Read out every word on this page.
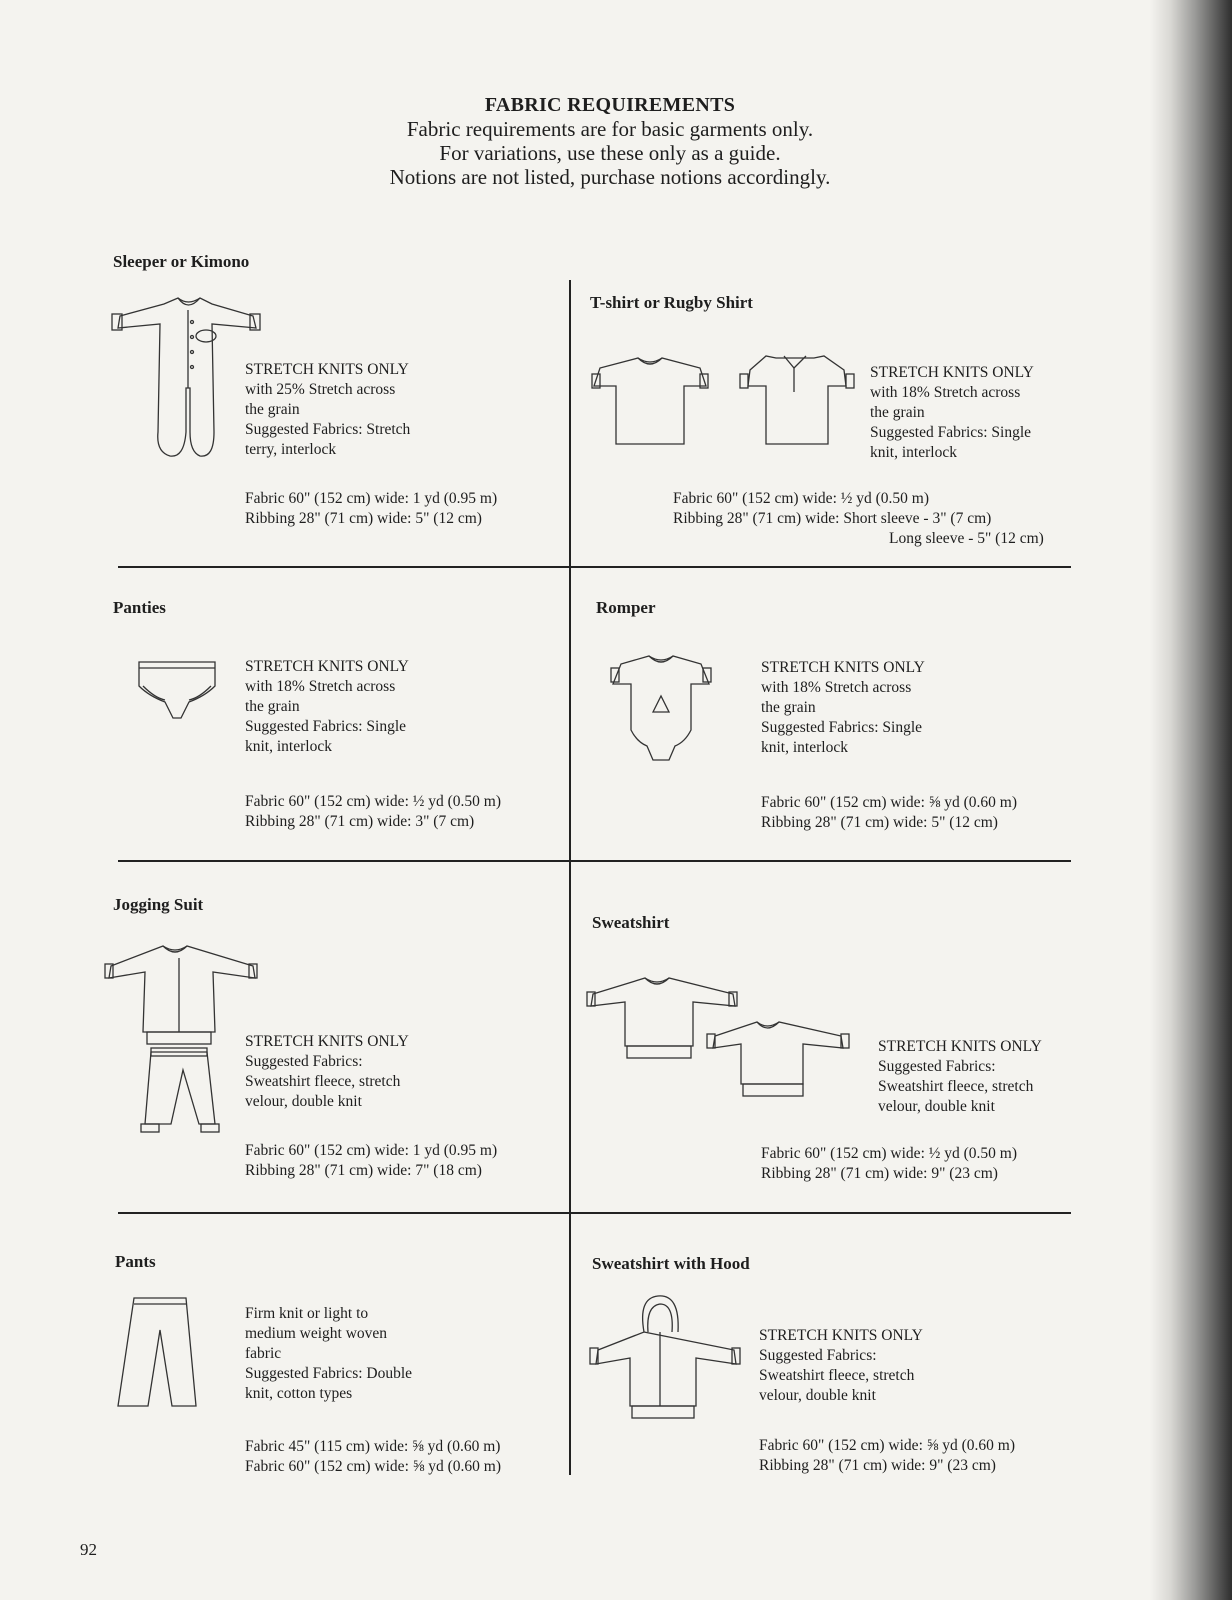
FABRIC REQUIREMENTS
Fabric requirements are for basic garments only.
For variations, use these only as a guide.
Notions are not listed, purchase notions accordingly.
Sleeper or Kimono
STRETCH KNITS ONLY
with 25% Stretch across
the grain
Suggested Fabrics: Stretch
terry, interlock
Fabric 60" (152 cm) wide: 1 yd (0.95 m)
Ribbing 28" (71 cm) wide: 5" (12 cm)
T-shirt or Rugby Shirt
STRETCH KNITS ONLY
with 18% Stretch across
the grain
Suggested Fabrics: Single
knit, interlock
Fabric 60" (152 cm) wide: ½ yd (0.50 m)
Ribbing 28" (71 cm) wide: Short sleeve - 3" (7 cm)
Long sleeve - 5" (12 cm)
Panties
STRETCH KNITS ONLY
with 18% Stretch across
the grain
Suggested Fabrics: Single
knit, interlock
Fabric 60" (152 cm) wide: ½ yd (0.50 m)
Ribbing 28" (71 cm) wide: 3" (7 cm)
Romper
STRETCH KNITS ONLY
with 18% Stretch across
the grain
Suggested Fabrics: Single
knit, interlock
Fabric 60" (152 cm) wide: ⅝ yd (0.60 m)
Ribbing 28" (71 cm) wide: 5" (12 cm)
Jogging Suit
STRETCH KNITS ONLY
Suggested Fabrics:
Sweatshirt fleece, stretch
velour, double knit
Fabric 60" (152 cm) wide: 1 yd (0.95 m)
Ribbing 28" (71 cm) wide: 7" (18 cm)
Sweatshirt
STRETCH KNITS ONLY
Suggested Fabrics:
Sweatshirt fleece, stretch
velour, double knit
Fabric 60" (152 cm) wide: ½ yd (0.50 m)
Ribbing 28" (71 cm) wide: 9" (23 cm)
Pants
Firm knit or light to
medium weight woven
fabric
Suggested Fabrics: Double
knit, cotton types
Fabric 45" (115 cm) wide: ⅝ yd (0.60 m)
Fabric 60" (152 cm) wide: ⅝ yd (0.60 m)
Sweatshirt with Hood
STRETCH KNITS ONLY
Suggested Fabrics:
Sweatshirt fleece, stretch
velour, double knit
Fabric 60" (152 cm) wide: ⅝ yd (0.60 m)
Ribbing 28" (71 cm) wide: 9" (23 cm)
92
